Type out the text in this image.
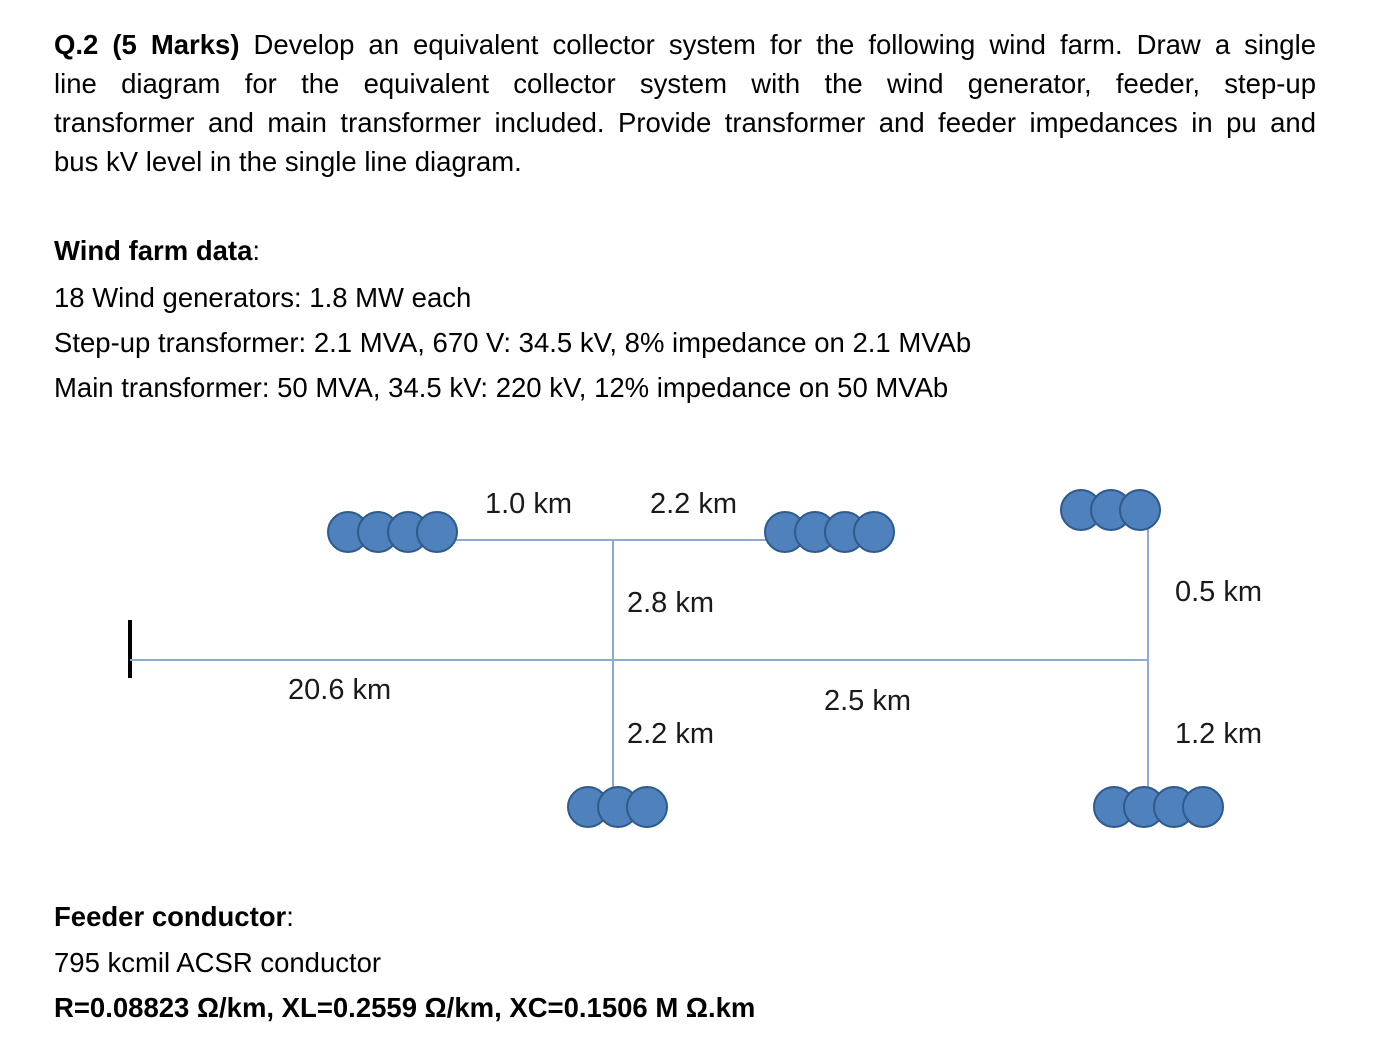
Q.2 (5 Marks) Develop an equivalent collector system for the following wind farm. Draw a single
line diagram for the equivalent collector system with the wind generator, feeder, step-up
transformer and main transformer included. Provide transformer and feeder impedances in pu and
bus kV level in the single line diagram.
Wind farm data:
18 Wind generators: 1.8 MW each
Step-up transformer: 2.1 MVA, 670 V: 34.5 kV, 8% impedance on 2.1 MVAb
Main transformer: 50 MVA, 34.5 kV: 220 kV, 12% impedance on 50 MVAb
1.0 km	2.2 km
2.8 km	0.5 km
20.6 km	2.5 km
2.2 km	1.2 km
Feeder conductor:
795 kcmil ACSR conductor
R=0.08823 Ω/km, XL=0.2559 Ω/km, XC=0.1506 M Ω.km
